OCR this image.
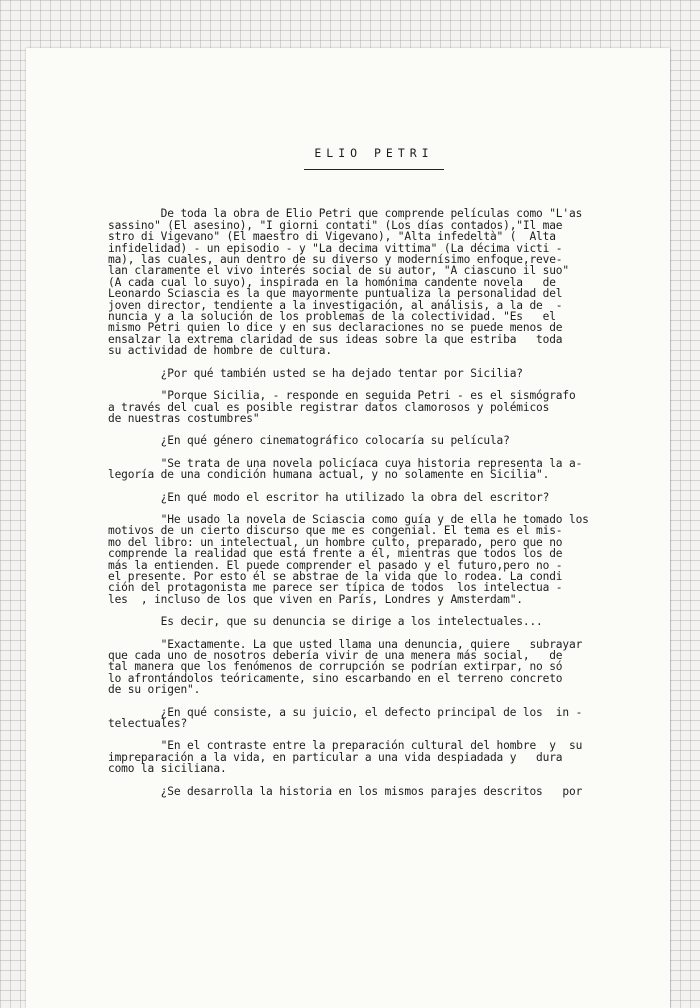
ELIO PETRI
De toda la obra de Elio Petri que comprende películas como "L'as
sassino" (El asesino), "I giorni contati" (Los días contados),"Il mae
stro di Vigevano" (El maestro di Vigevano), "Alta infedeltà" (  Alta
infidelidad) - un episodio - y "La decima vittima" (La décima victi -
ma), las cuales, aun dentro de su diverso y modernísimo enfoque,reve-
lan claramente el vivo interés social de su autor, "A ciascuno il suo"
(A cada cual lo suyo), inspirada en la homónima candente novela   de
Leonardo Sciascia es la que mayormente puntualiza la personalidad del
joven director, tendiente a la investigación, al análisis, a la de  -
nuncia y a la solución de los problemas de la colectividad. "Es   el
mismo Petri quien lo dice y en sus declaraciones no se puede menos de
ensalzar la extrema claridad de sus ideas sobre la que estriba   toda
su actividad de hombre de cultura.
¿Por qué también usted se ha dejado tentar por Sicilia?
"Porque Sicilia, - responde en seguida Petri - es el sismógrafo
a través del cual es posible registrar datos clamorosos y polémicos
de nuestras costumbres"
¿En qué género cinematográfico colocaría su película?
"Se trata de una novela policíaca cuya historia representa la a-
legoría de una condición humana actual, y no solamente en Sicilia".
¿En qué modo el escritor ha utilizado la obra del escritor?
"He usado la novela de Sciascia como guía y de ella he tomado los
motivos de un cierto discurso que me es congenial. El tema es el mis-
mo del libro: un intelectual, un hombre culto, preparado, pero que no
comprende la realidad que está frente a él, mientras que todos los de
más la entienden. El puede comprender el pasado y el futuro,pero no -
el presente. Por esto él se abstrae de la vida que lo rodea. La condi
ción del protagonista me parece ser típica de todos  los intelectua -
les  , incluso de los que viven en París, Londres y Amsterdam".
Es decir, que su denuncia se dirige a los intelectuales...
"Exactamente. La que usted llama una denuncia, quiere   subrayar
que cada uno de nosotros debería vivir de una menera más social,   de
tal manera que los fenómenos de corrupción se podrían extirpar, no só
lo afrontándolos teóricamente, sino escarbando en el terreno concreto
de su origen".
¿En qué consiste, a su juicio, el defecto principal de los  in -
telectuales?
"En el contraste entre la preparación cultural del hombre  y  su
impreparación a la vida, en particular a una vida despiadada y   dura
como la siciliana.
¿Se desarrolla la historia en los mismos parajes descritos   por
